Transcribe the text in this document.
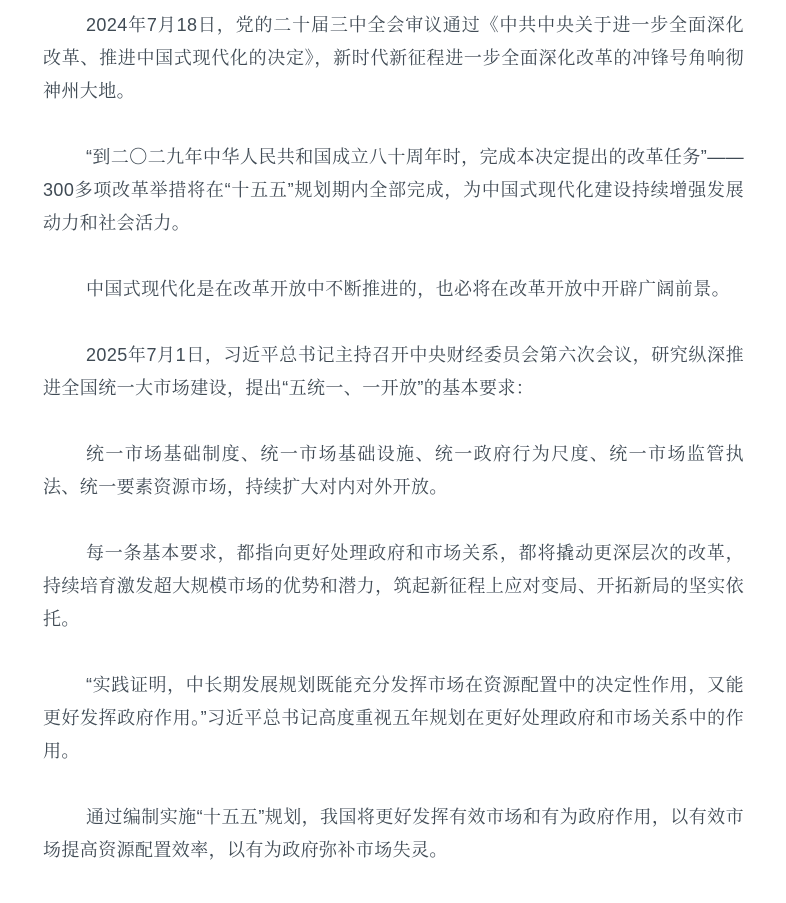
2024年7月18日，党的二十届三中全会审议通过《中共中央关于进一步全面深化改革、推进中国式现代化的决定》，新时代新征程进一步全面深化改革的冲锋号角响彻神州大地。

“到二〇二九年中华人民共和国成立八十周年时，完成本决定提出的改革任务”——300多项改革举措将在“十五五”规划期内全部完成，为中国式现代化建设持续增强发展动力和社会活力。

中国式现代化是在改革开放中不断推进的，也必将在改革开放中开辟广阔前景。

2025年7月1日，习近平总书记主持召开中央财经委员会第六次会议，研究纵深推进全国统一大市场建设，提出“五统一、一开放”的基本要求：

统一市场基础制度、统一市场基础设施、统一政府行为尺度、统一市场监管执法、统一要素资源市场，持续扩大对内对外开放。

每一条基本要求，都指向更好处理政府和市场关系，都将撬动更深层次的改革，持续培育激发超大规模市场的优势和潜力，筑起新征程上应对变局、开拓新局的坚实依托。

“实践证明，中长期发展规划既能充分发挥市场在资源配置中的决定性作用，又能更好发挥政府作用。”习近平总书记高度重视五年规划在更好处理政府和市场关系中的作用。

通过编制实施“十五五”规划，我国将更好发挥有效市场和有为政府作用，以有效市场提高资源配置效率，以有为政府弥补市场失灵。
